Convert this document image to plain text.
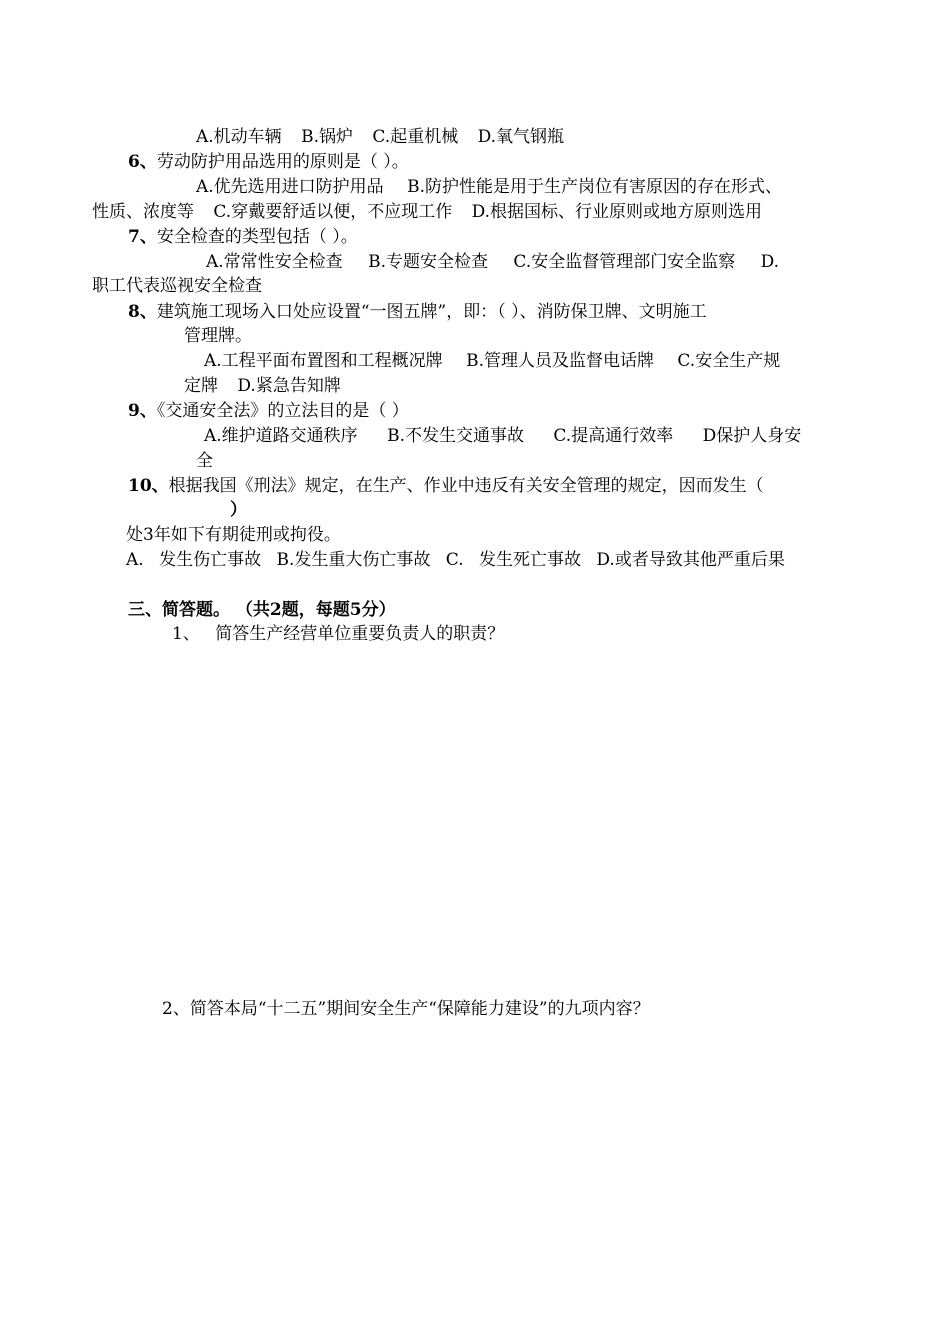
A.机动车辆 B.锅炉 C.起重机械 D.氧气钢瓶
6、劳动防护用品选用的原则是（ ）。
A.优先选用进口防护用品 B.防护性能是用于生产岗位有害原因的存在形式、
性质、浓度等 C.穿戴要舒适以便，不应现工作 D.根据国标、行业原则或地方原则选用
7、安全检查的类型包括（ ）。
A.常常性安全检查 B.专题安全检查 C.安全监督管理部门安全监察 D.
职工代表巡视安全检查
8、建筑施工现场入口处应设置“一图五牌”，即：（ ）、消防保卫牌、文明施工
管理牌。
A.工程平面布置图和工程概况牌 B.管理人员及监督电话牌 C.安全生产规
定牌 D.紧急告知牌
9、《交通安全法》的立法目的是（ ）
A.维护道路交通秩序 B.不发生交通事故 C.提高通行效率 D保护人身安
全
10、根据我国《刑法》规定，在生产、作业中违反有关安全管理的规定，因而发生（
）
处3年如下有期徒刑或拘役。
A. 发生伤亡事故 B.发生重大伤亡事故 C. 发生死亡事故 D.或者导致其他严重后果
三、简答题。 （共2题，每题5分）
1、 简答生产经营单位重要负责人的职责？
2、简答本局“十二五”期间安全生产“保障能力建设”的九项内容？
